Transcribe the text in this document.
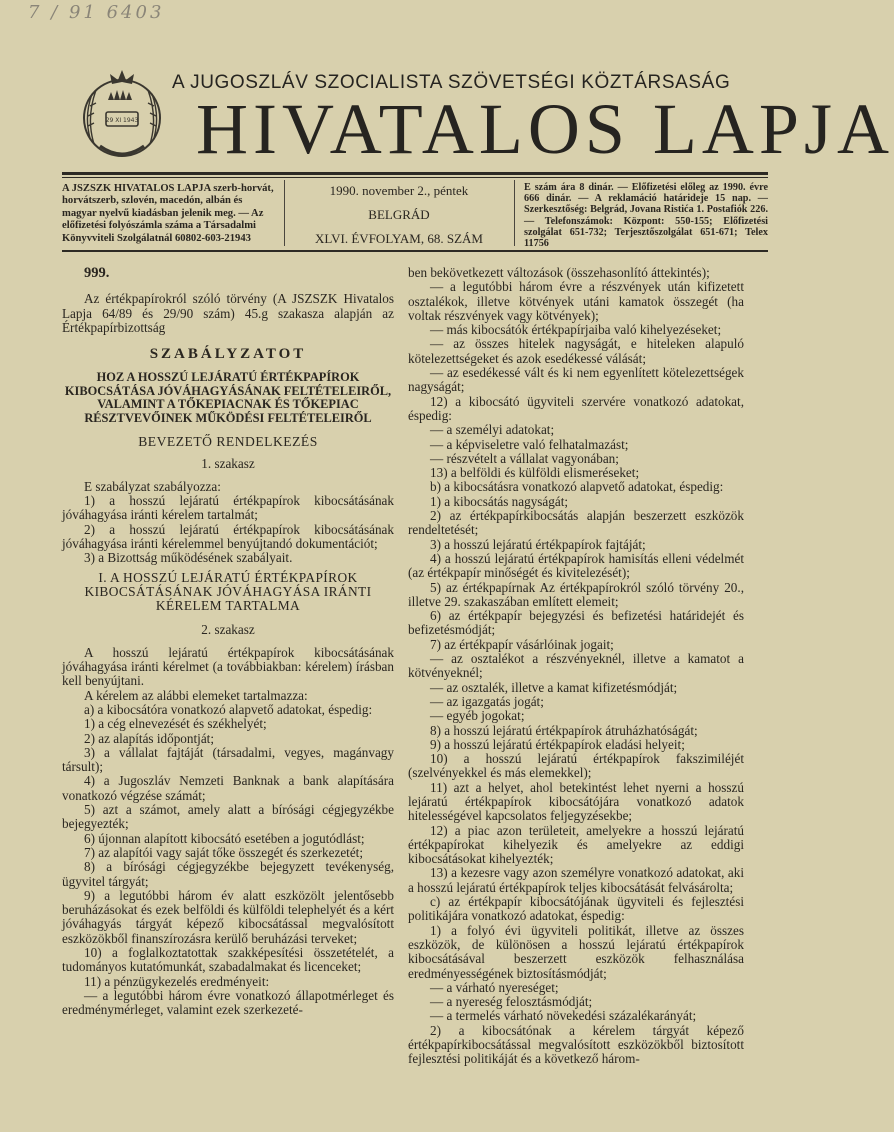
7 / 91 6403
29 XI 1943
A JUGOSZLÁV SZOCIALISTA SZÖVETSÉGI KÖZTÁRSASÁG
HIVATALOS LAPJA
A JSZSZK HIVATALOS LAPJA szerb-horvát, horvátszerb, szlovén, macedón, albán és magyar nyelvű kiadásban jelenik meg. — Az előfizetési folyószámla száma a Társadalmi Könyvviteli Szolgálatnál 60802-603-21943
1990. november 2., péntek
BELGRÁD
XLVI. ÉVFOLYAM, 68. SZÁM
E szám ára 8 dinár. — Előfizetési előleg az 1990. évre 666 dinár. — A reklamáció határideje 15 nap. — Szerkesztőség: Belgrád, Jovana Ristića 1. Postafiók 226. — Telefonszámok: Központ: 550-155; Előfizetési szolgálat 651-732; Terjesztőszolgálat 651-671; Telex 11756

999.

Az értékpapírokról szóló törvény (A JSZSZK Hivatalos Lapja 64/89 és 29/90 szám) 45.g szakasza alapján az Értékpapírbizottság

SZABÁLYZATOT

HOZ A HOSSZÚ LEJÁRATÚ ÉRTÉKPAPÍROK KIBOCSÁTÁSA JÓVÁHAGYÁSÁNAK FELTÉTELEIRŐL, VALAMINT A TŐKEPIACNAK ÉS TŐKEPIAC RÉSZTVEVŐINEK MŰKÖDÉSI FELTÉTELEIRŐL

BEVEZETŐ RENDELKEZÉS

1. szakasz

E szabályzat szabályozza:

1) a hosszú lejáratú értékpapírok kibocsátásának jóváhagyása iránti kérelem tartalmát;

2) a hosszú lejáratú értékpapírok kibocsátásának jóváhagyása iránti kérelemmel benyújtandó dokumentációt;

3) a Bizottság működésének szabályait.

I. A HOSSZÚ LEJÁRATÚ ÉRTÉKPAPÍROK KIBOCSÁTÁSÁNAK JÓVÁHAGYÁSA IRÁNTI KÉRELEM TARTALMA

2. szakasz

A hosszú lejáratú értékpapírok kibocsátásának jóváhagyása iránti kérelmet (a továbbiakban: kérelem) írásban kell benyújtani.

A kérelem az alábbi elemeket tartalmazza:

a) a kibocsátóra vonatkozó alapvető adatokat, éspedig:

1) a cég elnevezését és székhelyét;

2) az alapítás időpontját;

3) a vállalat fajtáját (társadalmi, vegyes, magánvagy társult);

4) a Jugoszláv Nemzeti Banknak a bank alapítására vonatkozó végzése számát;

5) azt a számot, amely alatt a bírósági cégjegyzékbe bejegyezték;

6) újonnan alapított kibocsátó esetében a jogutódlást;

7) az alapítói vagy saját tőke összegét és szerkezetét;

8) a bírósági cégjegyzékbe bejegyzett tevékenység, ügyvitel tárgyát;

9) a legutóbbi három év alatt eszközölt jelentősebb beruházásokat és ezek belföldi és külföldi telephelyét és a kért jóváhagyás tárgyát képező kibocsátással megvalósított eszközökből finanszírozásra kerülő beruházási terveket;

10) a foglalkoztatottak szakképesítési összetételét, a tudományos kutatómunkát, szabadalmakat és licenceket;

11) a pénzügykezelés eredményeit:

— a legutóbbi három évre vonatkozó állapotmérleget és eredménymérleget, valamint ezek szerkezeté-

ben bekövetkezett változások (összehasonlító áttekintés);

— a legutóbbi három évre a részvények után kifizetett osztalékok, illetve kötvények utáni kamatok összegét (ha voltak részvények vagy kötvények);

— más kibocsátók értékpapírjaiba való kihelyezéseket;

— az összes hitelek nagyságát, e hiteleken alapuló kötelezettségeket és azok esedékessé válását;

— az esedékessé vált és ki nem egyenlített kötelezettségek nagyságát;

12) a kibocsátó ügyviteli szervére vonatkozó adatokat, éspedig:

— a személyi adatokat;

— a képviseletre való felhatalmazást;

— részvételt a vállalat vagyonában;

13) a belföldi és külföldi elismeréseket;

b) a kibocsátásra vonatkozó alapvető adatokat, éspedig:

1) a kibocsátás nagyságát;

2) az értékpapírkibocsátás alapján beszerzett eszközök rendeltetését;

3) a hosszú lejáratú értékpapírok fajtáját;

4) a hosszú lejáratú értékpapírok hamisítás elleni védelmét (az értékpapír minőségét és kivitelezését);

5) az értékpapírnak Az értékpapírokról szóló törvény 20., illetve 29. szakaszában említett elemeit;

6) az értékpapír bejegyzési és befizetési határidejét és befizetésmódját;

7) az értékpapír vásárlóinak jogait;

— az osztalékot a részvényeknél, illetve a kamatot a kötvényeknél;

— az osztalék, illetve a kamat kifizetésmódját;

— az igazgatás jogát;

— egyéb jogokat;

8) a hosszú lejáratú értékpapírok átruházhatóságát;

9) a hosszú lejáratú értékpapírok eladási helyeit;

10) a hosszú lejáratú értékpapírok fakszimiléjét (szelvényekkel és más elemekkel);

11) azt a helyet, ahol betekintést lehet nyerni a hosszú lejáratú értékpapírok kibocsátójára vonatkozó adatok hitelességével kapcsolatos feljegyzésekbe;

12) a piac azon területeit, amelyekre a hosszú lejáratú értékpapírokat kihelyezik és amelyekre az eddigi kibocsátásokat kihelyezték;

13) a kezesre vagy azon személyre vonatkozó adatokat, aki a hosszú lejáratú értékpapírok teljes kibocsátását felvásárolta;

c) az értékpapír kibocsátójának ügyviteli és fejlesztési politikájára vonatkozó adatokat, éspedig:

1) a folyó évi ügyviteli politikát, illetve az összes eszközök, de különösen a hosszú lejáratú értékpapírok kibocsátásával beszerzett eszközök felhasználása eredményességének biztosításmódját;

— a várható nyereséget;

— a nyereség felosztásmódját;

— a termelés várható növekedési százalékarányát;

2) a kibocsátónak a kérelem tárgyát képező értékpapírkibocsátással megvalósított eszközökből biztosított fejlesztési politikáját és a következő három-
